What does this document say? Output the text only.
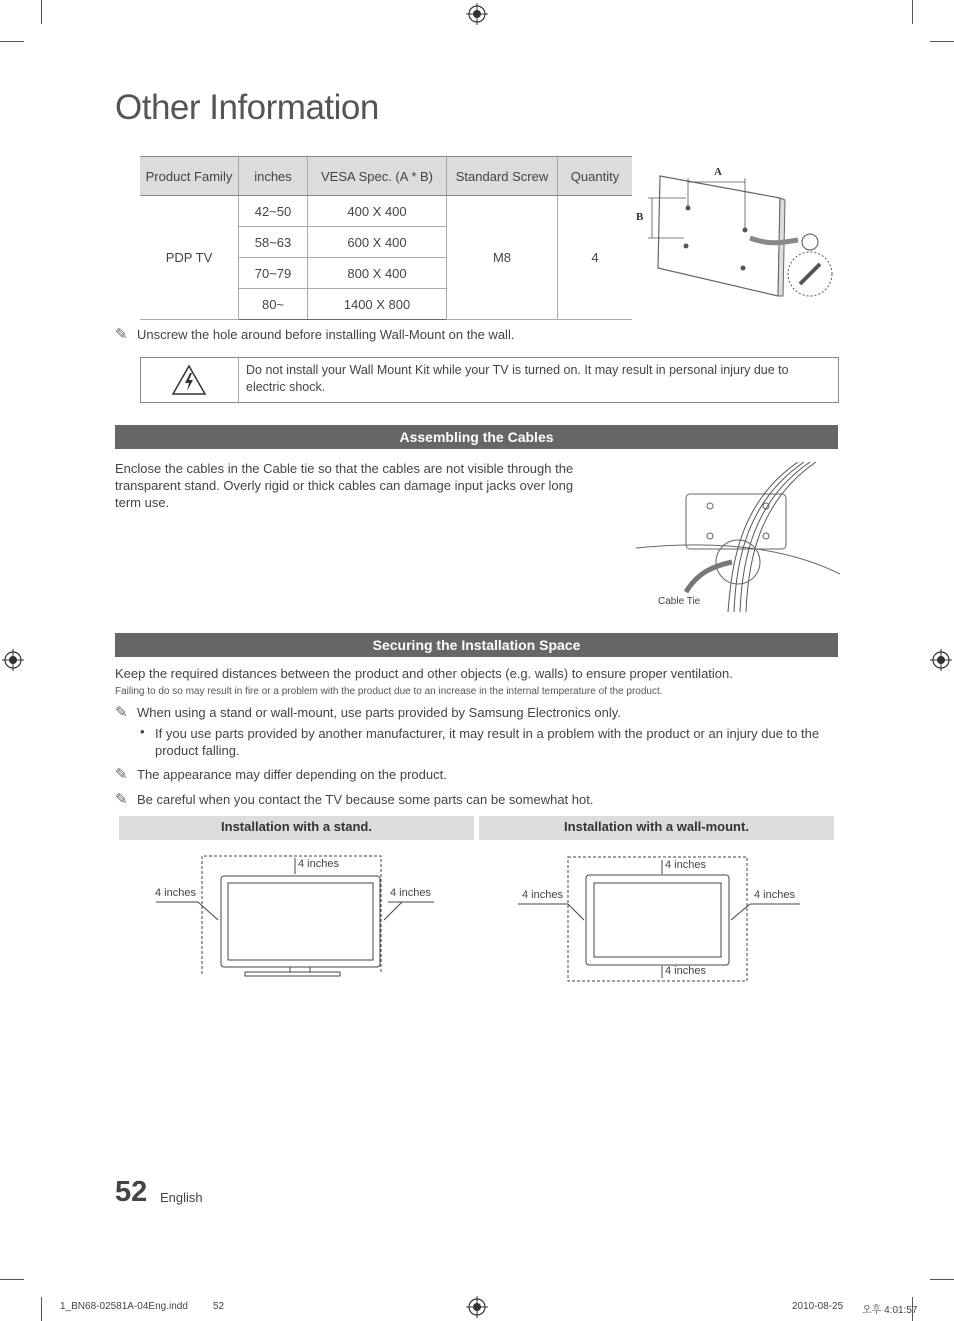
Other Information
Product Family	inches	VESA Spec. (A * B)	Standard Screw	Quantity
PDP TV	42~50	400 X 400	M8	4
	58~63	600 X 400		
	70~79	800 X 400		
	80~	1400 X 800		
A
B
✎ Unscrew the hole around before installing Wall-Mount on the wall.
Do not install your Wall Mount Kit while your TV is turned on. It may result in personal injury due to electric shock.
Assembling the Cables
Enclose the cables in the Cable tie so that the cables are not visible through the transparent stand. Overly rigid or thick cables can damage input jacks over long term use.
Cable Tie
Securing the Installation Space
Keep the required distances between the product and other objects (e.g. walls) to ensure proper ventilation.
Failing to do so may result in fire or a problem with the product due to an increase in the internal temperature of the product.
✎ When using a stand or wall-mount, use parts provided by Samsung Electronics only.
• If you use parts provided by another manufacturer, it may result in a problem with the product or an injury due to the product falling.
✎ The appearance may differ depending on the product.
✎ Be careful when you contact the TV because some parts can be somewhat hot.
Installation with a stand.	Installation with a wall-mount.
4 inches
4 inches	4 inches
4 inches
4 inches	4 inches
4 inches
52 English
1_BN68-02581A-04Eng.indd	52	2010-08-25 오후 4:01:57
